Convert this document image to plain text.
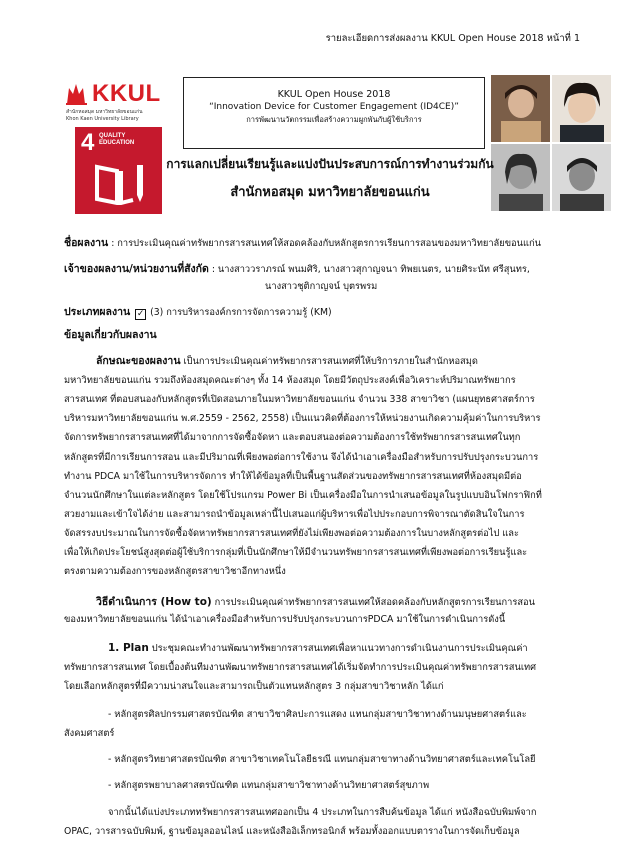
รายละเอียดการส่งผลงาน KKUL Open House 2018 หน้าที่ 1
KKUL
สำนักหอสมุด มหาวิทยาลัยขอนแก่น
Khon Kaen University Library
KKUL Open House 2018
“Innovation Device for Customer Engagement (ID4CE)”
การพัฒนานวัตกรรมเพื่อสร้างความผูกพันกับผู้ใช้บริการ
4 QUALITY
EDUCATION
การแลกเปลี่ยนเรียนรู้และแบ่งปันประสบการณ์การทำงานร่วมกัน
สำนักหอสมุด มหาวิทยาลัยขอนแก่น
ชื่อผลงาน : การประเมินคุณค่าทรัพยากรสารสนเทศให้สอดคล้องกับหลักสูตรการเรียนการสอนของมหาวิทยาลัยขอนแก่น
เจ้าของผลงาน/หน่วยงานที่สังกัด : นางสาววราภรณ์ พนมศิริ, นางสาวสุกาญจนา ทิพยเนตร, นายศิระนัท ศรีสุนทร,
นางสาวชุติกาญจน์ บุตรพรม
ประเภทผลงาน ✓ (3) การบริหารองค์กรการจัดการความรู้ (KM)
ข้อมูลเกี่ยวกับผลงาน
ลักษณะของผลงาน เป็นการประเมินคุณค่าทรัพยากรสารสนเทศที่ให้บริการภายในสำนักหอสมุด
มหาวิทยาลัยขอนแก่น รวมถึงห้องสมุดคณะต่างๆ ทั้ง 14 ห้องสมุด โดยมีวัตถุประสงค์เพื่อวิเคราะห์ปริมาณทรัพยากร
สารสนเทศ ที่ตอบสนองกับหลักสูตรที่เปิดสอนภายในมหาวิทยาลัยขอนแก่น จำนวน 338 สาขาวิชา (แผนยุทธศาสตร์การ
บริหารมหาวิทยาลัยขอนแก่น พ.ศ.2559 - 2562, 2558) เป็นแนวคิดที่ต้องการให้หน่วยงานเกิดความคุ้มค่าในการบริหาร
จัดการทรัพยากรสารสนเทศที่ได้มาจากการจัดซื้อจัดหา และตอบสนองต่อความต้องการใช้ทรัพยากรสารสนเทศในทุก
หลักสูตรที่มีการเรียนการสอน และมีปริมาณที่เพียงพอต่อการใช้งาน จึงได้นำเอาเครื่องมือสำหรับการปรับปรุงกระบวนการ
ทำงาน PDCA มาใช้ในการบริหารจัดการ ทำให้ได้ข้อมูลที่เป็นพื้นฐานสัดส่วนของทรัพยากรสารสนเทศที่ห้องสมุดมีต่อ
จำนวนนักศึกษาในแต่ละหลักสูตร โดยใช้โปรแกรม Power Bi เป็นเครื่องมือในการนำเสนอข้อมูลในรูปแบบอินโฟกราฟิกที่
สวยงามและเข้าใจได้ง่าย และสามารถนำข้อมูลเหล่านี้ไปเสนอแก่ผู้บริหารเพื่อไปประกอบการพิจารณาตัดสินใจในการ
จัดสรรงบประมาณในการจัดซื้อจัดหาทรัพยากรสารสนเทศที่ยังไม่เพียงพอต่อความต้องการในบางหลักสูตรต่อไป และ
เพื่อให้เกิดประโยชน์สูงสุดต่อผู้ใช้บริการกลุ่มที่เป็นนักศึกษาให้มีจำนวนทรัพยากรสารสนเทศที่เพียงพอต่อการเรียนรู้และ
ตรงตามความต้องการของหลักสูตรสาขาวิชาอีกทางหนึ่ง
วิธีดำเนินการ (How to) การประเมินคุณค่าทรัพยากรสารสนเทศให้สอดคล้องกับหลักสูตรการเรียนการสอน
ของมหาวิทยาลัยขอนแก่น ได้นำเอาเครื่องมือสำหรับการปรับปรุงกระบวนการPDCA มาใช้ในการดำเนินการดังนี้
1. Plan ประชุมคณะทำงานพัฒนาทรัพยากรสารสนเทศเพื่อหาแนวทางการดำเนินงานการประเมินคุณค่า
ทรัพยากรสารสนเทศ โดยเบื้องต้นทีมงานพัฒนาทรัพยากรสารสนเทศได้เริ่มจัดทำการประเมินคุณค่าทรัพยากรสารสนเทศ
โดยเลือกหลักสูตรที่มีความน่าสนใจและสามารถเป็นตัวแทนหลักสูตร 3 กลุ่มสาขาวิชาหลัก ได้แก่
- หลักสูตรศิลปกรรมศาสตรบัณฑิต สาขาวิชาศิลปะการแสดง แทนกลุ่มสาขาวิชาทางด้านมนุษยศาสตร์และ
สังคมศาสตร์
- หลักสูตรวิทยาศาสตรบัณฑิต สาขาวิชาเทคโนโลยีธรณี แทนกลุ่มสาขาทางด้านวิทยาศาสตร์และเทคโนโลยี
- หลักสูตรพยาบาลศาสตรบัณฑิต แทนกลุ่มสาขาวิชาทางด้านวิทยาศาสตร์สุขภาพ
จากนั้นได้แบ่งประเภททรัพยากรสารสนเทศออกเป็น 4 ประเภทในการสืบค้นข้อมูล ได้แก่ หนังสือฉบับพิมพ์จาก
OPAC, วารสารฉบับพิมพ์, ฐานข้อมูลออนไลน์ และหนังสืออิเล็กทรอนิกส์ พร้อมทั้งออกแบบตารางในการจัดเก็บข้อมูล
